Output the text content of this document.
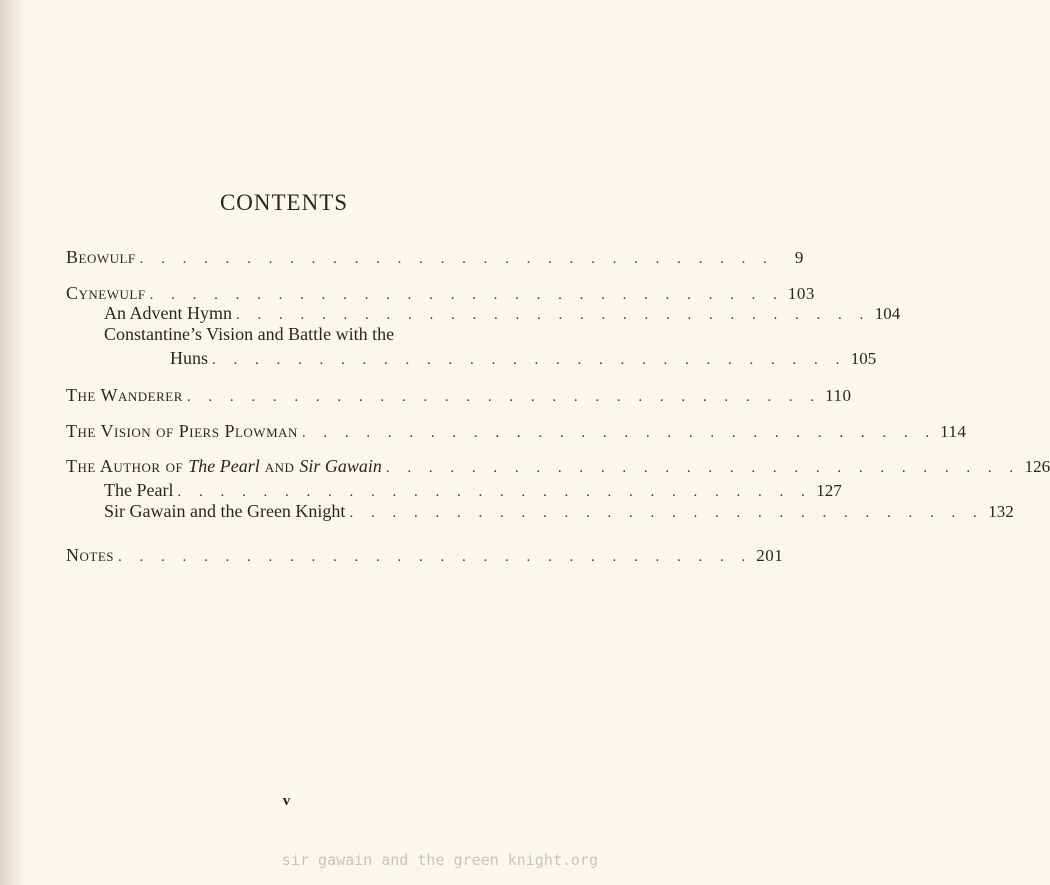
CONTENTS
Beowulf . . . . . . . . . . . . . . . . . . . . . . . . . . . . . .	9
Cynewulf . . . . . . . . . . . . . . . . . . . . . . . . . . . . . . 103
An Advent Hymn . . . . . . . . . . . . . . . . . . . . . . . . . . . . . . 104
Constantine’s Vision and Battle with the
Huns . . . . . . . . . . . . . . . . . . . . . . . . . . . . . . 105
The Wanderer . . . . . . . . . . . . . . . . . . . . . . . . . . . . . . 110
The Vision of Piers Plowman . . . . . . . . . . . . . . . . . . . . . . . . . . . . . . 114
The Author of The Pearl and Sir Gawain . . . . . . . . . . . . . . . . . . . . . . . . . . . . . . 126
The Pearl . . . . . . . . . . . . . . . . . . . . . . . . . . . . . . 127
Sir Gawain and the Green Knight . . . . . . . . . . . . . . . . . . . . . . . . . . . . . . 132
Notes . . . . . . . . . . . . . . . . . . . . . . . . . . . . . . 201
v
sir gawain and the green knight.org
